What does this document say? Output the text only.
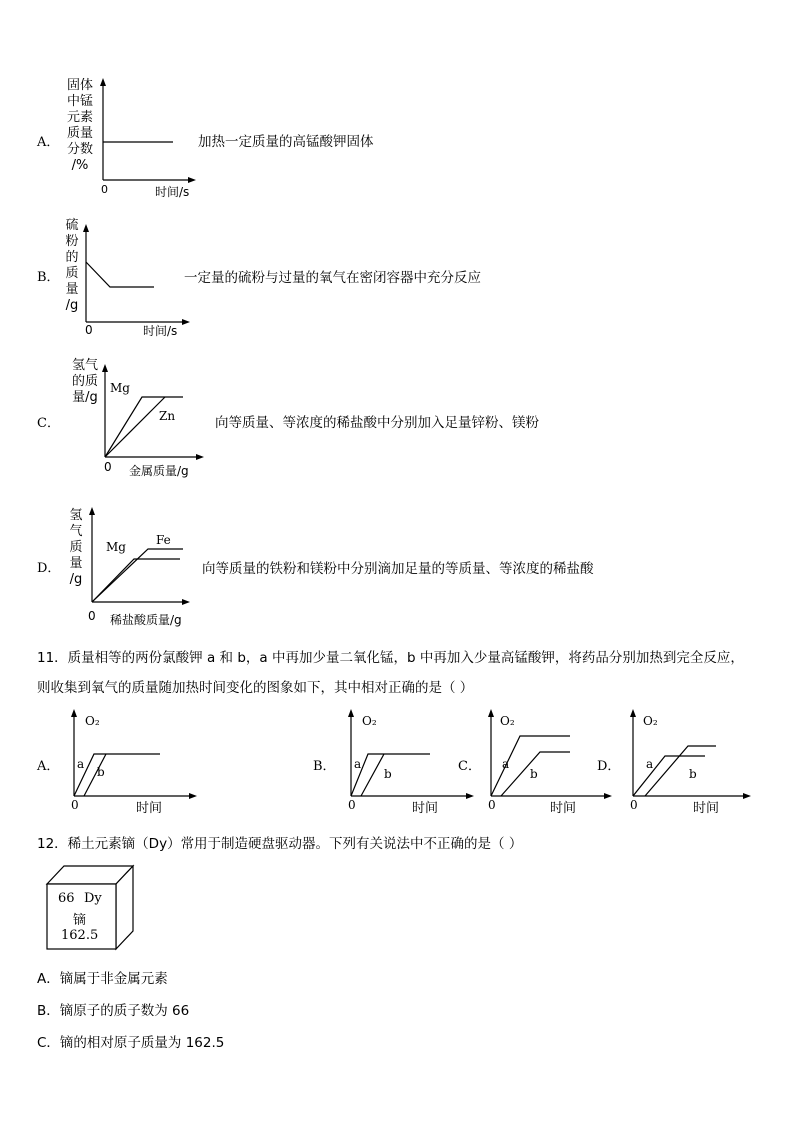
A．
固体
中锰
元素
质量
分数
/%
0	时间/s
加热一定质量的高锰酸钾固体
B．
硫
粉
的
质
量
/g
0	时间/s
一定量的硫粉与过量的氧气在密闭容器中充分反应
C．
氢气
的质
量/g
Mg
Zn
0 金属质量/g
向等质量、等浓度的稀盐酸中分别加入足量锌粉、镁粉
D．
氢
气
质
量
/g
Mg	Fe
0 稀盐酸质量/g
向等质量的铁粉和镁粉中分别滴加足量的等质量、等浓度的稀盐酸
11．质量相等的两份氯酸钾 a 和 b，a 中再加少量二氧化锰，b 中再加入少量高锰酸钾，将药品分别加热到完全反应，
则收集到氧气的质量随加热时间变化的图象如下，其中相对正确的是（ ）
A． a
b
O₂
时间
0
B． a
b
O₂
时间
0
C． a
b
O₂
时间
0
D． a
b
O₂
时间
0
12．稀土元素镝（Dy）常用于制造硬盘驱动器。下列有关说法中不正确的是（ ）
66 Dy
镝
162.5
A．镝属于非金属元素
B．镝原子的质子数为 66
C．镝的相对原子质量为 162.5
